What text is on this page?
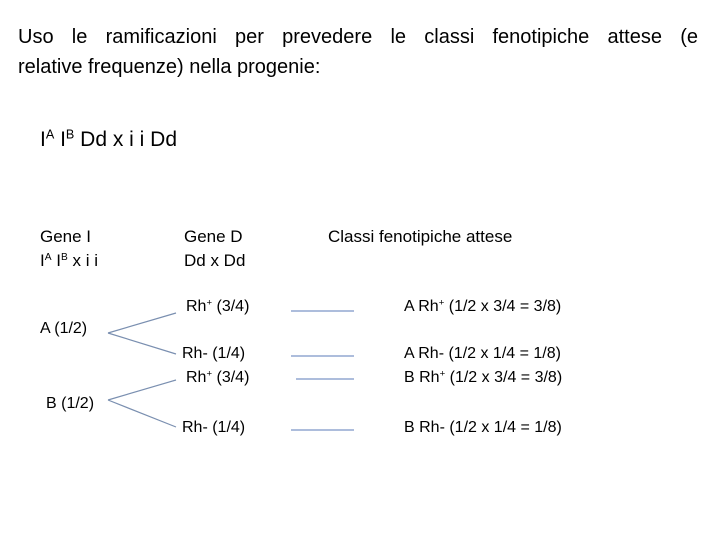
Uso le ramificazioni per prevedere le classi fenotipiche attese (e
relative frequenze) nella progenie:
$I^A$ $I^B$ Dd x i i Dd
Gene I
$I^A$ $I^B$ x i i
Gene D
Dd x Dd
Classi fenotipiche attese
A (1/2)
B (1/2)
Rh+ (3/4)
Rh- (1/4)
Rh+ (3/4)
Rh- (1/4)
A Rh+ (1/2 x 3/4 = 3/8)
A Rh- (1/2 x 1/4 = 1/8)
B Rh+ (1/2 x 3/4 = 3/8)
B Rh- (1/2 x 1/4 = 1/8)
